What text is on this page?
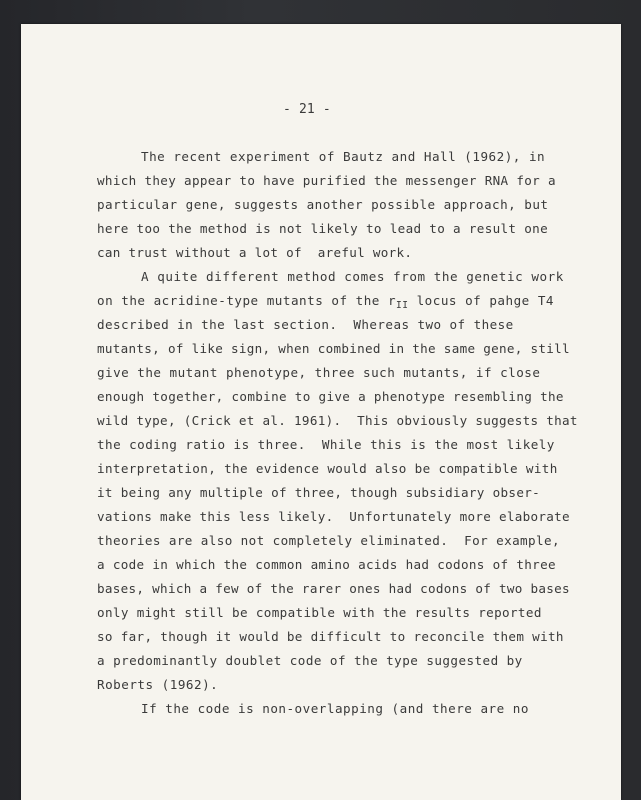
- 21 -
The recent experiment of Bautz and Hall (1962), in
which they appear to have purified the messenger RNA for a
particular gene, suggests another possible approach, but
here too the method is not likely to lead to a result one
can trust without a lot of  areful work.
A quite different method comes from the genetic work
on the acridine-type mutants of the $r_{II}$ locus of pahge T4
described in the last section.  Whereas two of these
mutants, of like sign, when combined in the same gene, still
give the mutant phenotype, three such mutants, if close
enough together, combine to give a phenotype resembling the
wild type, (Crick et al. 1961).  This obviously suggests that
the coding ratio is three.  While this is the most likely
interpretation, the evidence would also be compatible with
it being any multiple of three, though subsidiary obser-
vations make this less likely.  Unfortunately more elaborate
theories are also not completely eliminated.  For example,
a code in which the common amino acids had codons of three
bases, which a few of the rarer ones had codons of two bases
only might still be compatible with the results reported
so far, though it would be difficult to reconcile them with
a predominantly doublet code of the type suggested by
Roberts (1962).
If the code is non-overlapping (and there are no
